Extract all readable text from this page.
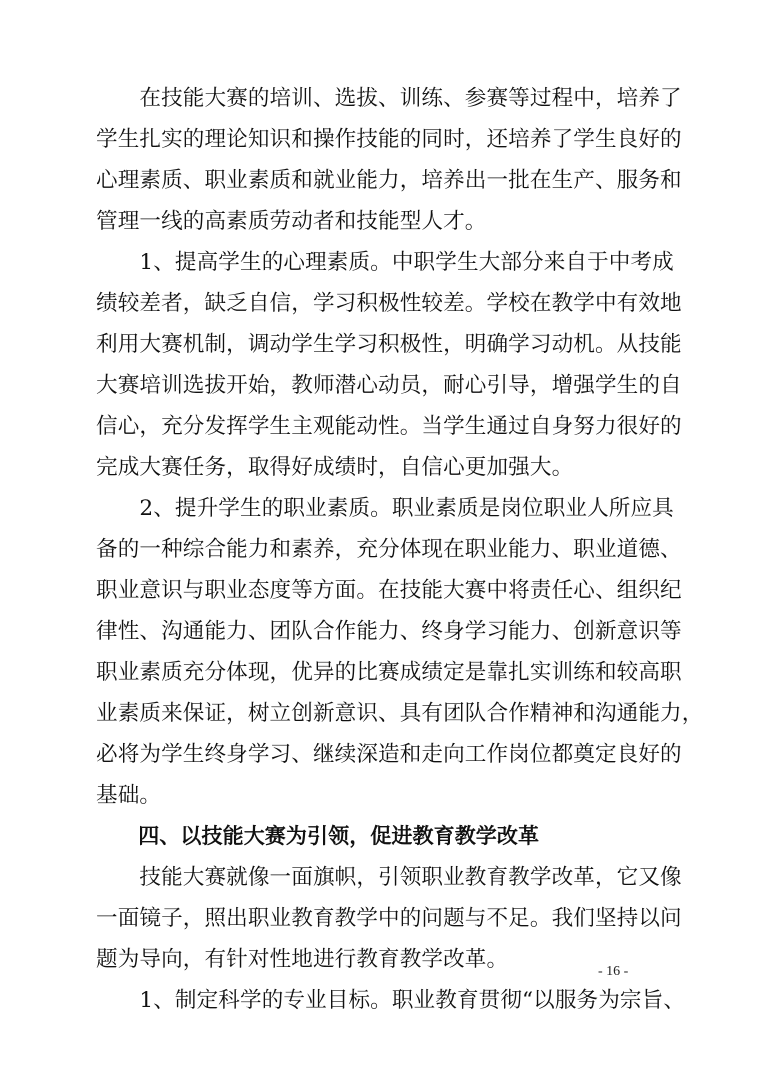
　　在技能大赛的培训、选拔、训练、参赛等过程中，培养了
学生扎实的理论知识和操作技能的同时，还培养了学生良好的
心理素质、职业素质和就业能力，培养出一批在生产、服务和
管理一线的高素质劳动者和技能型人才。
　　1、提高学生的心理素质。中职学生大部分来自于中考成
绩较差者，缺乏自信，学习积极性较差。学校在教学中有效地
利用大赛机制，调动学生学习积极性，明确学习动机。从技能
大赛培训选拔开始，教师潜心动员，耐心引导，增强学生的自
信心，充分发挥学生主观能动性。当学生通过自身努力很好的
完成大赛任务，取得好成绩时，自信心更加强大。
　　2、提升学生的职业素质。职业素质是岗位职业人所应具
备的一种综合能力和素养，充分体现在职业能力、职业道德、
职业意识与职业态度等方面。在技能大赛中将责任心、组织纪
律性、沟通能力、团队合作能力、终身学习能力、创新意识等
职业素质充分体现，优异的比赛成绩定是靠扎实训练和较高职
业素质来保证，树立创新意识、具有团队合作精神和沟通能力，
必将为学生终身学习、继续深造和走向工作岗位都奠定良好的
基础。
　　四、以技能大赛为引领，促进教育教学改革
　　技能大赛就像一面旗帜，引领职业教育教学改革，它又像
一面镜子，照出职业教育教学中的问题与不足。我们坚持以问
题为导向，有针对性地进行教育教学改革。
　　1、制定科学的专业目标。职业教育贯彻“以服务为宗旨、
- 16 -
